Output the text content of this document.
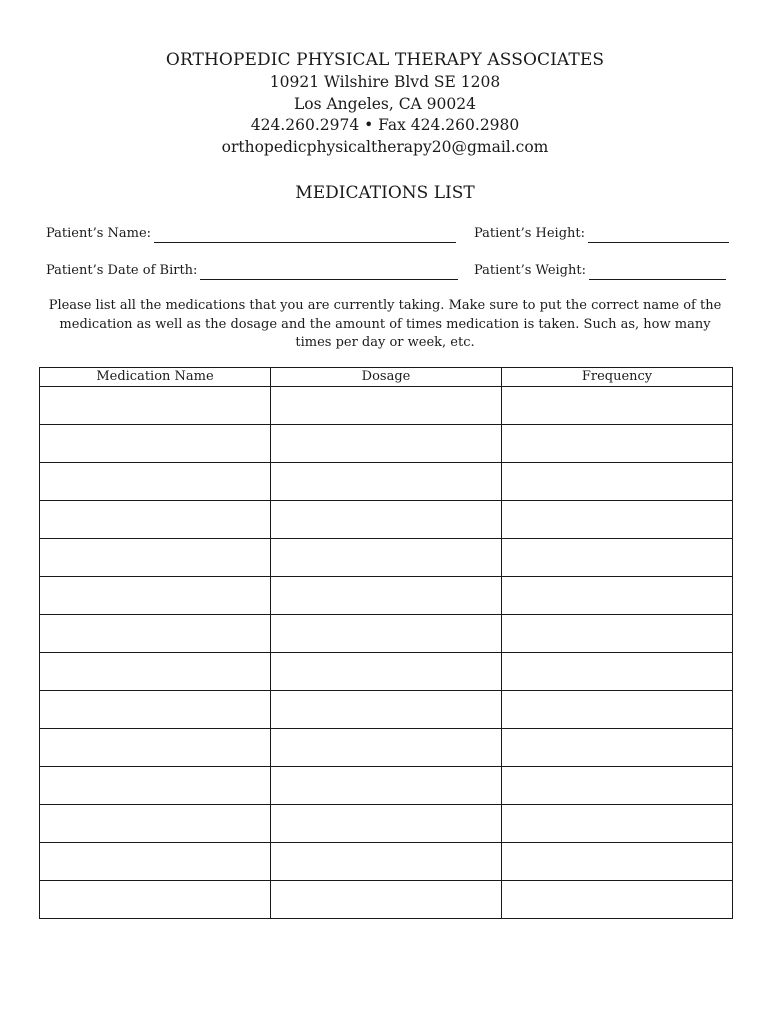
ORTHOPEDIC PHYSICAL THERAPY ASSOCIATES
10921 Wilshire Blvd SE 1208
Los Angeles, CA 90024
424.260.2974 • Fax 424.260.2980
orthopedicphysicaltherapy20@gmail.com
MEDICATIONS LIST
Patient’s Name:	Patient’s Height:
Patient’s Date of Birth:	Patient’s Weight:
Please list all the medications that you are currently taking. Make sure to put the correct name of the medication as well as the dosage and the amount of times medication is taken. Such as, how many times per day or week, etc.
Medication Name	Dosage	Frequency
